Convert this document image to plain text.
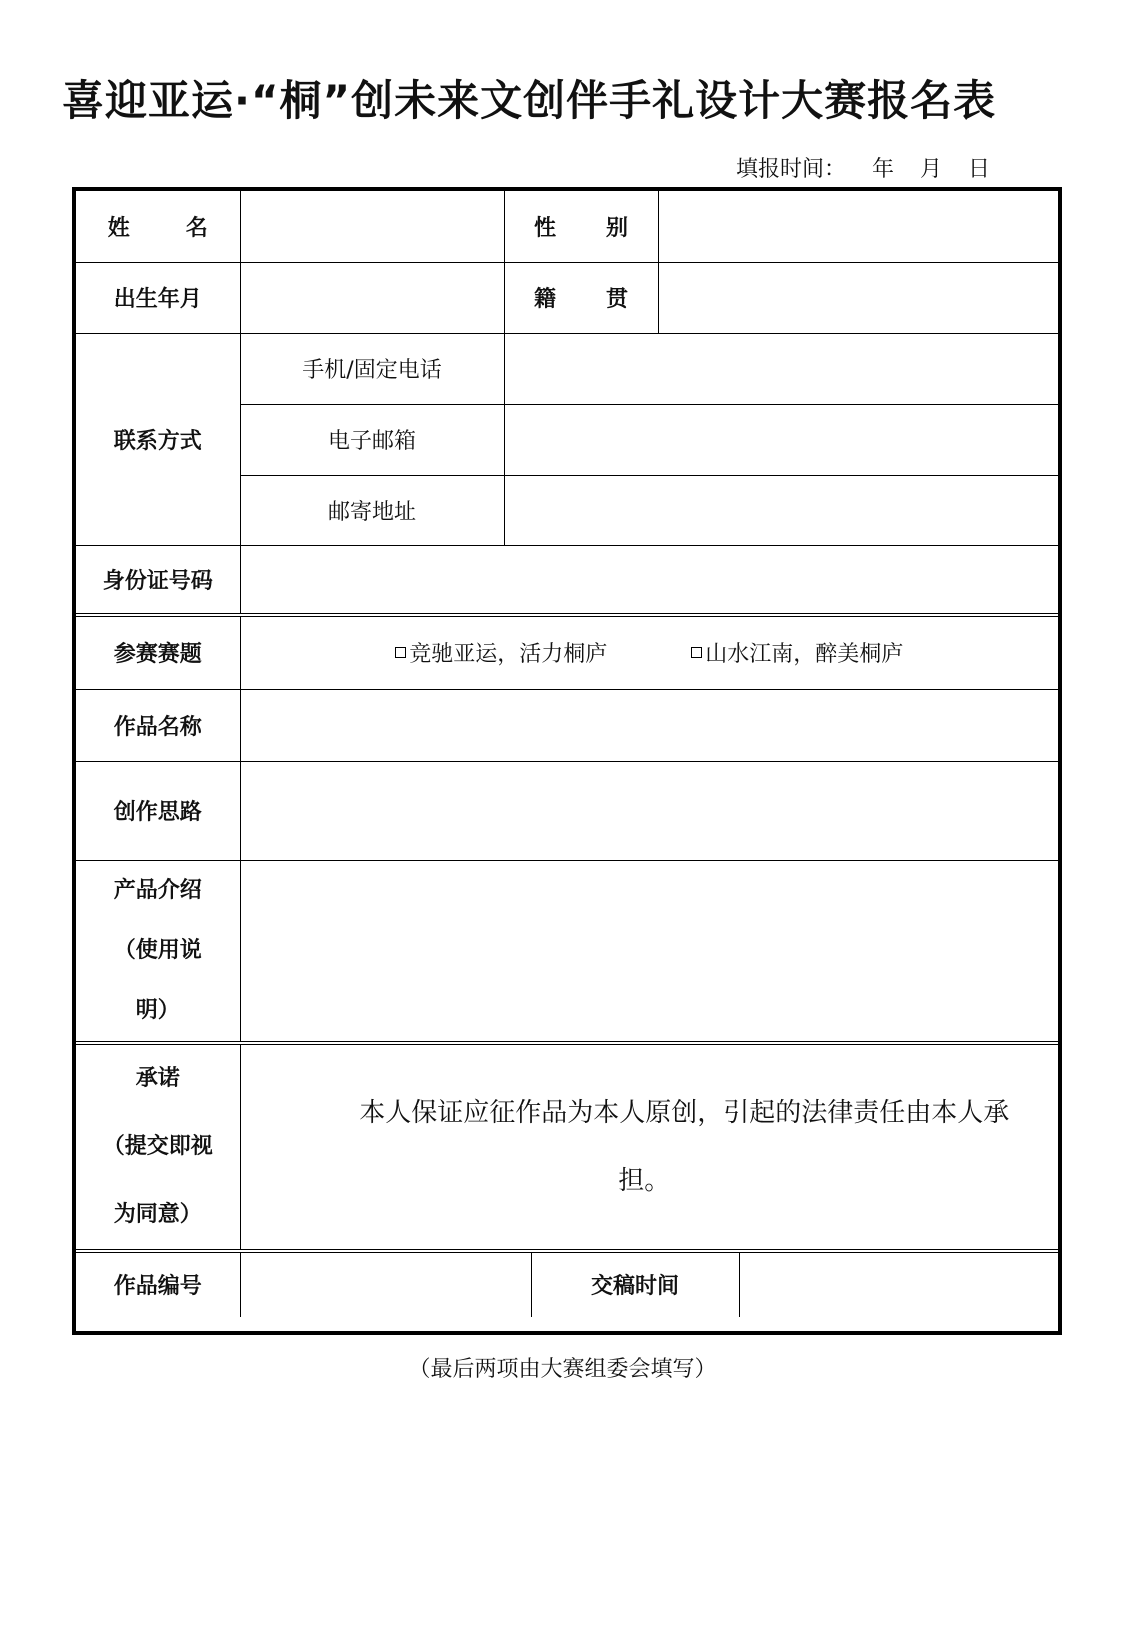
喜迎亚运·“桐”创未来文创伴手礼设计大赛报名表
填报时间： 年 月 日
姓 名		性 别			

出生年月		籍 贯			

联系方式	手机/固定电话				
	电子邮箱				
	邮寄地址				
身份证号码					
参赛赛题	竞驰亚运，活力桐庐 山水江南，醉美桐庐				

作品名称					
创作思路					

产品介绍
（使用说
明）					

承诺
（提交即视
为同意）	本人保证应征作品为本人原创，引起的法律责任由本人承担。				
作品编号			交稿时间		
（最后两项由大赛组委会填写）
